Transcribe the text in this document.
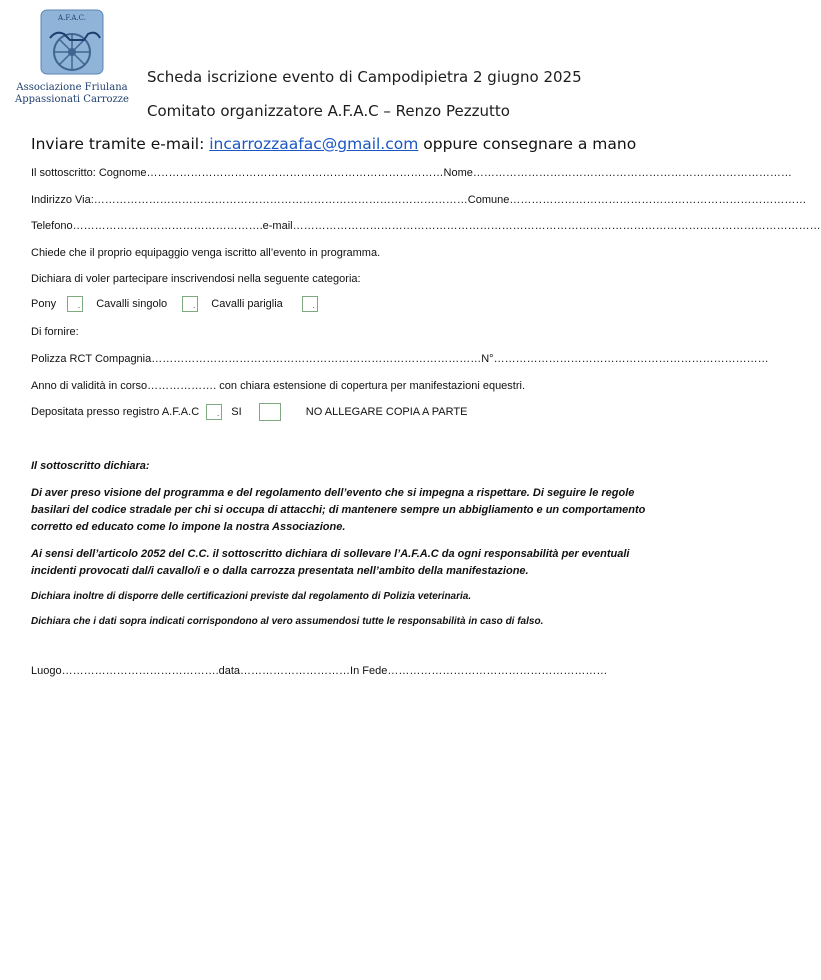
A.F.A.C.
Associazione Friulana
Appassionati Carrozze
Scheda iscrizione evento di Campodipietra 2 giugno 2025
Comitato organizzatore A.F.A.C – Renzo Pezzutto
Inviare tramite e-mail: incarrozzaafac@gmail.com oppure consegnare a mano
Il sottoscritto: Cognome………………………………………………………………………Nome……………………………………………………………………………
Indirizzo Via:…………………………………………………………………………………………Comune………………………………………………………………………
Telefono…………………………………………….e-mail………………………………………………………………………………………………………………………………
Chiede che il proprio equipaggio venga iscritto all’evento in programma.
Dichiara di voler partecipare inscrivendosi nella seguente categoria:
Pony	. Cavalli singolo	. Cavalli pariglia	.
Di fornire:
Polizza RCT Compagnia………………………………………………………………………………N°…………………………………………………………………
Anno di validità in corso………………. con chiara estensione di copertura per manifestazioni equestri.
Depositata presso registro A.F.A.C . SI	NO ALLEGARE COPIA A PARTE
Il sottoscritto dichiara:
Di aver preso visione del programma e del regolamento dell’evento che si impegna a rispettare. Di seguire le regole basilari del codice stradale per chi si occupa di attacchi; di mantenere sempre un abbigliamento e un comportamento corretto ed educato come lo impone la nostra Associazione.
Ai sensi dell’articolo 2052 del C.C. il sottoscritto dichiara di sollevare l’A.F.A.C da ogni responsabilità per eventuali incidenti provocati dal/i cavallo/i e o dalla carrozza presentata nell’ambito della manifestazione.
Dichiara inoltre di disporre delle certificazioni previste dal regolamento di Polizia veterinaria.
Dichiara che i dati sopra indicati corrispondono al vero assumendosi tutte le responsabilità in caso di falso.
Luogo…………………………………….data…………………………In Fede……………………………………………………
